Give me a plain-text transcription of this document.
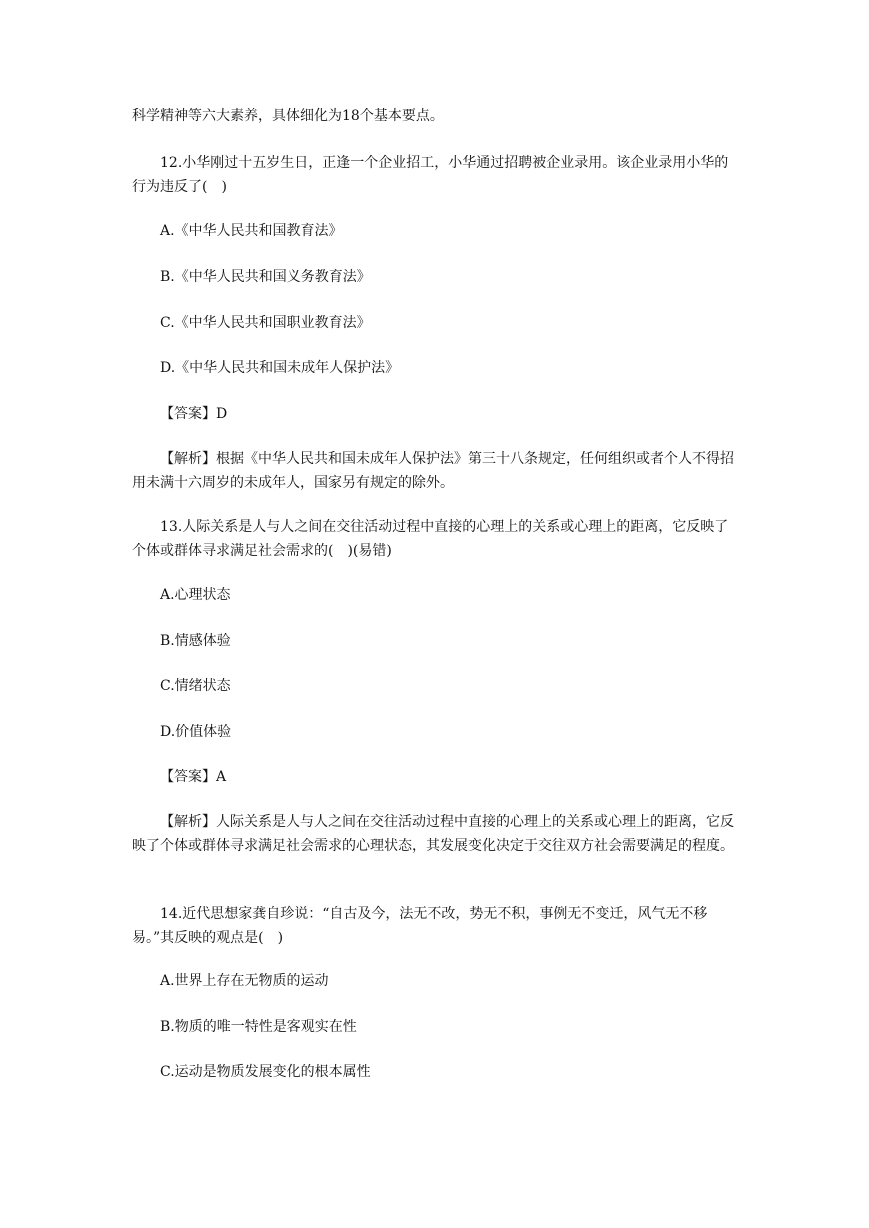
科学精神等六大素养，具体细化为18个基本要点。

12.小华刚过十五岁生日，正逢一个企业招工，小华通过招聘被企业录用。该企业录用小华的行为违反了(　)

A.《中华人民共和国教育法》

B.《中华人民共和国义务教育法》

C.《中华人民共和国职业教育法》

D.《中华人民共和国未成年人保护法》

【答案】D

【解析】根据《中华人民共和国未成年人保护法》第三十八条规定，任何组织或者个人不得招用未满十六周岁的未成年人，国家另有规定的除外。

13.人际关系是人与人之间在交往活动过程中直接的心理上的关系或心理上的距离，它反映了个体或群体寻求满足社会需求的(　)(易错)

A.心理状态

B.情感体验

C.情绪状态

D.价值体验

【答案】A

【解析】人际关系是人与人之间在交往活动过程中直接的心理上的关系或心理上的距离，它反映了个体或群体寻求满足社会需求的心理状态，其发展变化决定于交往双方社会需要满足的程度。

14.近代思想家龚自珍说：“自古及今，法无不改，势无不积，事例无不变迁，风气无不移易。”其反映的观点是(　)

A.世界上存在无物质的运动

B.物质的唯一特性是客观实在性

C.运动是物质发展变化的根本属性
